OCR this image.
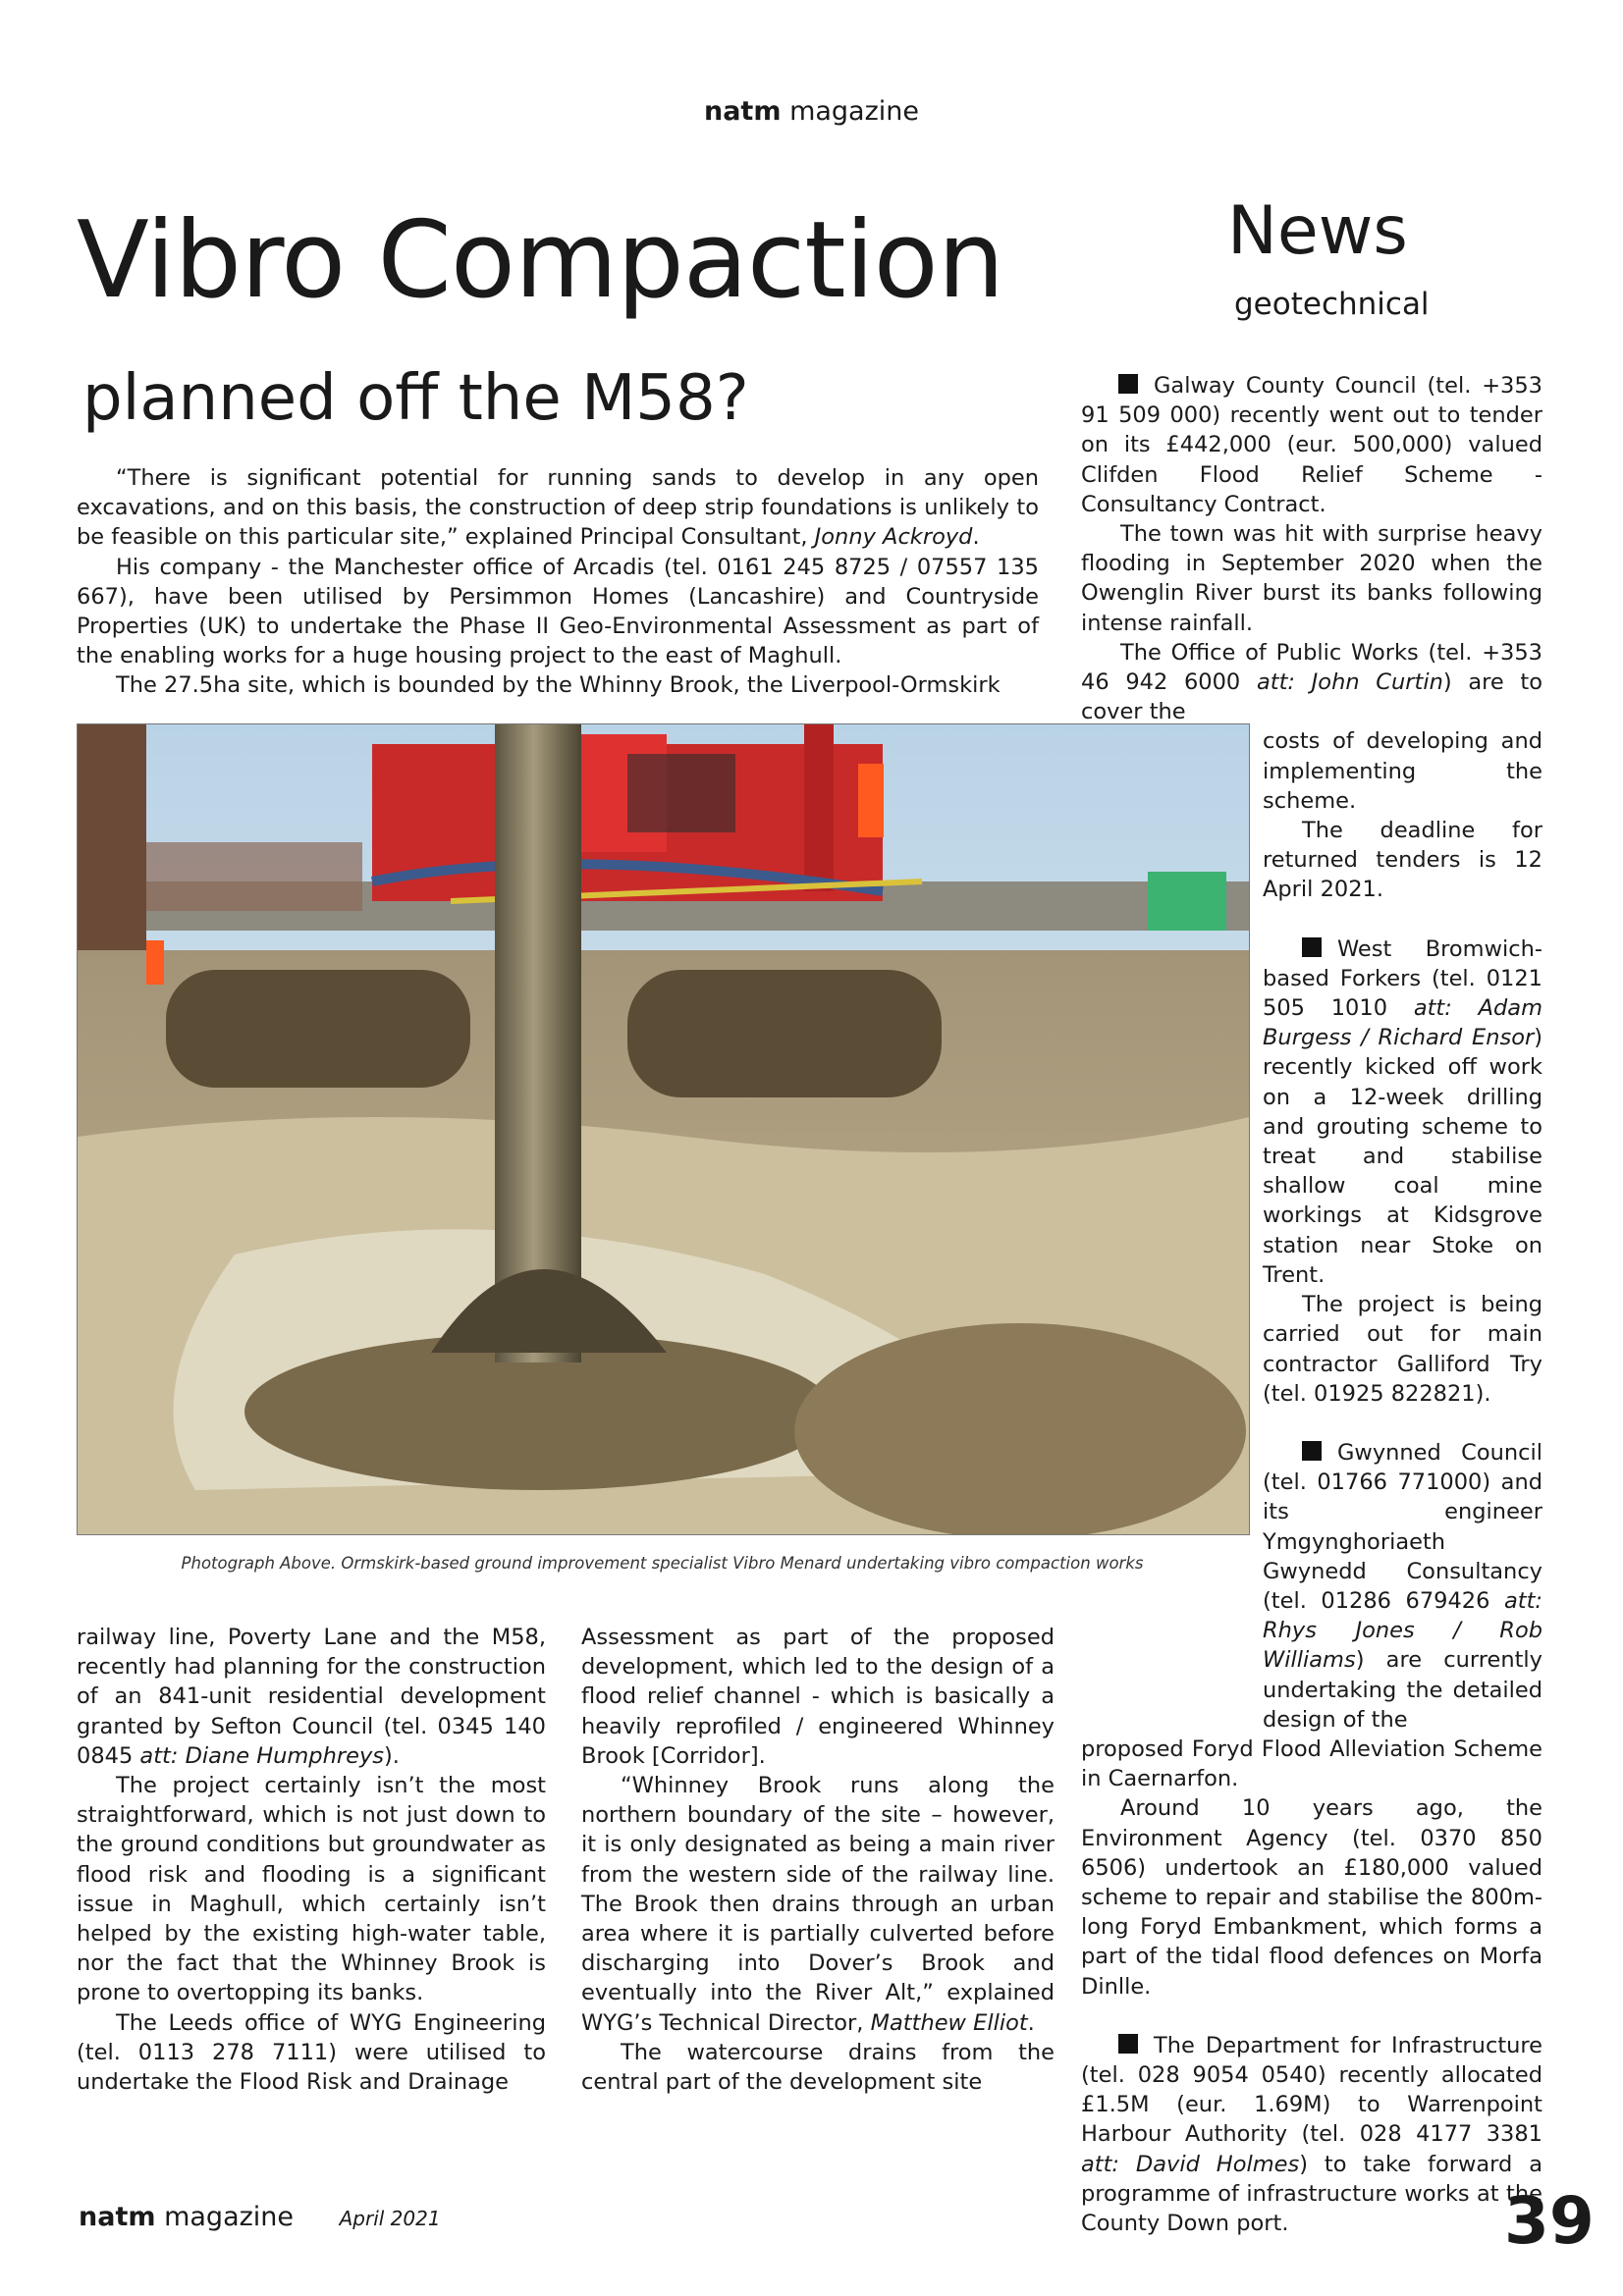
natm magazine
Vibro Compaction
planned off the M58?
News
geotechnical

“There is significant potential for running sands to develop in any open excavations, and on this basis, the construction of deep strip foundations is unlikely to be feasible on this particular site,” explained Principal Consultant, Jonny Ackroyd.

His company - the Manchester office of Arcadis (tel. 0161 245 8725 / 07557 135 667), have been utilised by Persimmon Homes (Lancashire) and Countryside Properties (UK) to undertake the Phase II Geo-Environmental Assessment as part of the enabling works for a huge housing project to the east of Maghull.

The 27.5ha site, which is bounded by the Whinny Brook, the Liverpool-Ormskirk

Photograph Above. Ormskirk-based ground improvement specialist Vibro Menard undertaking vibro compaction works

railway line, Poverty Lane and the M58, recently had planning for the construction of an 841-unit residential development granted by Sefton Council (tel. 0345 140 0845 att: Diane Humphreys).

The project certainly isn’t the most straightforward, which is not just down to the ground conditions but groundwater as flood risk and flooding is a significant issue in Maghull, which certainly isn’t helped by the existing high-water table, nor the fact that the Whinney Brook is prone to overtopping its banks.

The Leeds office of WYG Engineering (tel. 0113 278 7111) were utilised to undertake the Flood Risk and Drainage

Assessment as part of the proposed development, which led to the design of a flood relief channel - which is basically a heavily reprofiled / engineered Whinney Brook [Corridor].

“Whinney Brook runs along the northern boundary of the site – however, it is only designated as being a main river from the western side of the railway line. The Brook then drains through an urban area where it is partially culverted before discharging into Dover’s Brook and eventually into the River Alt,” explained WYG’s Technical Director, Matthew Elliot.

The watercourse drains from the central part of the development site

Galway County Council (tel. +353 91 509 000) recently went out to tender on its £442,000 (eur. 500,000) valued Clifden Flood Relief Scheme - Consultancy Contract.

The town was hit with surprise heavy flooding in September 2020 when the Owenglin River burst its banks following intense rainfall.

The Office of Public Works (tel. +353 46 942 6000 att: John Curtin) are to cover the

costs of developing and implementing the scheme.

The deadline for returned tenders is 12 April 2021.

West Bromwich-based Forkers (tel. 0121 505 1010 att: Adam Burgess / Richard Ensor) recently kicked off work on a 12-week drilling and grouting scheme to treat and stabilise shallow coal mine workings at Kidsgrove station near Stoke on Trent.

The project is being carried out for main contractor Galliford Try (tel. 01925 822821).

Gwynned Council (tel. 01766 771000) and its engineer Ymgynghoriaeth Gwynedd Consultancy (tel. 01286 679426 att: Rhys Jones / Rob Williams) are currently undertaking the detailed design of the

proposed Foryd Flood Alleviation Scheme in Caernarfon.

Around 10 years ago, the Environment Agency (tel. 0370 850 6506) undertook an £180,000 valued scheme to repair and stabilise the 800m-long Foryd Embankment, which forms a part of the tidal flood defences on Morfa Dinlle.

The Department for Infrastructure (tel. 028 9054 0540) recently allocated £1.5M (eur. 1.69M) to Warrenpoint Harbour Authority (tel. 028 4177 3381 att: David Holmes) to take forward a programme of infrastructure works at the County Down port.

natm magazine April 2021	39
